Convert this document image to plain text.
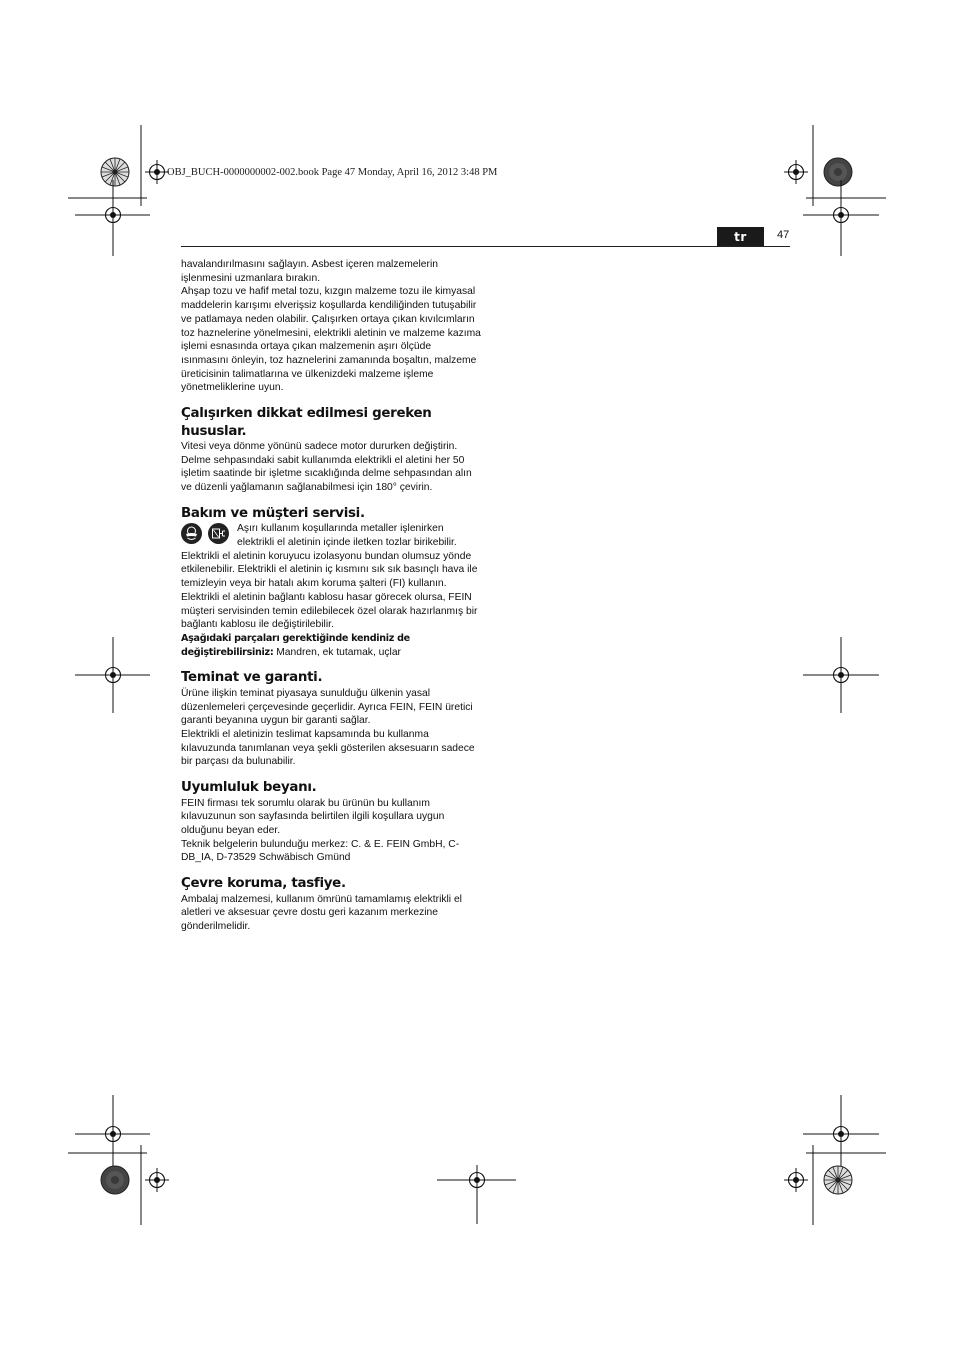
OBJ_BUCH-0000000002-002.book Page 47 Monday, April 16, 2012 3:48 PM
tr	47

havalandırılmasını sağlayın. Asbest içeren malzemelerin işlenmesini uzmanlara bırakın.

Ahşap tozu ve hafif metal tozu, kızgın malzeme tozu ile kimyasal maddelerin karışımı elverişsiz koşullarda kendiliğinden tutuşabilir ve patlamaya neden olabilir. Çalışırken ortaya çıkan kıvılcımların toz haznelerine yönelmesini, elektrikli aletinin ve malzeme kazıma işlemi esnasında ortaya çıkan malzemenin aşırı ölçüde ısınmasını önleyin, toz haznelerini zamanında boşaltın, malzeme üreticisinin talimatlarına ve ülkenizdeki malzeme işleme yönetmeliklerine uyun.

Çalışırken dikkat edilmesi gereken hususlar.

Vitesi veya dönme yönünü sadece motor dururken değiştirin.

Delme sehpasındaki sabit kullanımda elektrikli el aletini her 50 işletim saatinde bir işletme sıcaklığında delme sehpasından alın ve düzenli yağlamanın sağlanabilmesi için 180° çevirin.

Bakım ve müşteri servisi.

Aşırı kullanım koşullarında metaller işlenirken elektrikli el aletinin içinde iletken tozlar birikebilir. Elektrikli el aletinin koruyucu izolasyonu bundan olumsuz yönde etkilenebilir. Elektrikli el aletinin iç kısmını sık sık basınçlı hava ile temizleyin veya bir hatalı akım koruma şalteri (FI) kullanın.

Elektrikli el aletinin bağlantı kablosu hasar görecek olursa, FEIN müşteri servisinden temin edilebilecek özel olarak hazırlanmış bir bağlantı kablosu ile değiştirilebilir.

Aşağıdaki parçaları gerektiğinde kendiniz de değiştirebilirsiniz: Mandren, ek tutamak, uçlar

Teminat ve garanti.

Ürüne ilişkin teminat piyasaya sunulduğu ülkenin yasal düzenlemeleri çerçevesinde geçerlidir. Ayrıca FEIN, FEIN üretici garanti beyanına uygun bir garanti sağlar.

Elektrikli el aletinizin teslimat kapsamında bu kullanma kılavuzunda tanımlanan veya şekli gösterilen aksesuarın sadece bir parçası da bulunabilir.

Uyumluluk beyanı.

FEIN firması tek sorumlu olarak bu ürünün bu kullanım kılavuzunun son sayfasında belirtilen ilgili koşullara uygun olduğunu beyan eder.

Teknik belgelerin bulunduğu merkez: C. & E. FEIN GmbH, C-DB_IA, D-73529 Schwäbisch Gmünd

Çevre koruma, tasfiye.

Ambalaj malzemesi, kullanım ömrünü tamamlamış elektrikli el aletleri ve aksesuar çevre dostu geri kazanım merkezine gönderilmelidir.
